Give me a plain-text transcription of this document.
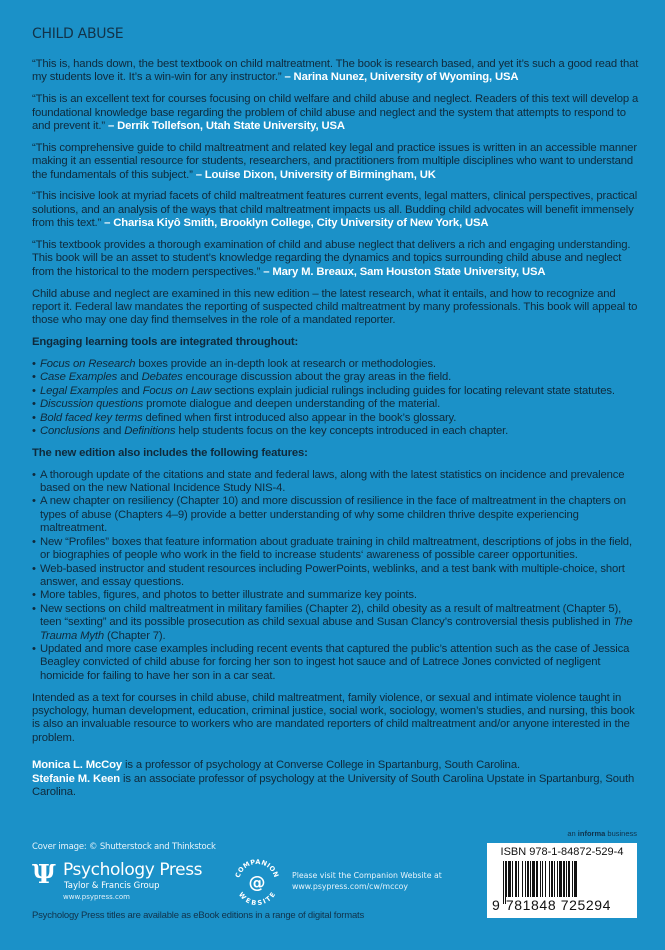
CHILD ABUSE

“This is, hands down, the best textbook on child maltreatment. The book is research based, and yet it’s such a good read that my students love it. It’s a win-win for any instructor.” – Narina Nunez, University of Wyoming, USA

“This is an excellent text for courses focusing on child welfare and child abuse and neglect. Readers of this text will develop a foundational knowledge base regarding the problem of child abuse and neglect and the system that attempts to respond to and prevent it.” – Derrik Tollefson, Utah State University, USA

“This comprehensive guide to child maltreatment and related key legal and practice issues is written in an accessible manner making it an essential resource for students, researchers, and practitioners from multiple disciplines who want to understand the fundamentals of this subject.” – Louise Dixon, University of Birmingham, UK

“This incisive look at myriad facets of child maltreatment features current events, legal matters, clinical perspectives, practical solutions, and an analysis of the ways that child maltreatment impacts us all. Budding child advocates will benefit immensely from this text.” – Charisa Kiyô Smith, Brooklyn College, City University of New York, USA

“This textbook provides a thorough examination of child and abuse neglect that delivers a rich and engaging understanding. This book will be an asset to student’s knowledge regarding the dynamics and topics surrounding child abuse and neglect from the historical to the modern perspectives.” – Mary M. Breaux, Sam Houston State University, USA

Child abuse and neglect are examined in this new edition – the latest research, what it entails, and how to recognize and report it. Federal law mandates the reporting of suspected child maltreatment by many professionals. This book will appeal to those who may one day find themselves in the role of a mandated reporter.

Engaging learning tools are integrated throughout:

• Focus on Research boxes provide an in-depth look at research or methodologies.
• Case Examples and Debates encourage discussion about the gray areas in the field.
• Legal Examples and Focus on Law sections explain judicial rulings including guides for locating relevant state statutes.
• Discussion questions promote dialogue and deepen understanding of the material.
• Bold faced key terms defined when first introduced also appear in the book’s glossary.
• Conclusions and Definitions help students focus on the key concepts introduced in each chapter.

The new edition also includes the following features:

• A thorough update of the citations and state and federal laws, along with the latest statistics on incidence and prevalence based on the new National Incidence Study NIS-4.
• A new chapter on resiliency (Chapter 10) and more discussion of resilience in the face of maltreatment in the chapters on types of abuse (Chapters 4–9) provide a better understanding of why some children thrive despite experiencing maltreatment.
• New “Profiles” boxes that feature information about graduate training in child maltreatment, descriptions of jobs in the field, or biographies of people who work in the field to increase students‘ awareness of possible career opportunities.
• Web-based instructor and student resources including PowerPoints, weblinks, and a test bank with multiple-choice, short answer, and essay questions.
• More tables, figures, and photos to better illustrate and summarize key points.
• New sections on child maltreatment in military families (Chapter 2), child obesity as a result of maltreatment (Chapter 5), teen “sexting” and its possible prosecution as child sexual abuse and Susan Clancy’s controversial thesis published in The Trauma Myth (Chapter 7).
• Updated and more case examples including recent events that captured the public’s attention such as the case of Jessica Beagley convicted of child abuse for forcing her son to ingest hot sauce and of Latrece Jones convicted of negligent homicide for failing to have her son in a car seat.

Intended as a text for courses in child abuse, child maltreatment, family violence, or sexual and intimate violence taught in psychology, human development, education, criminal justice, social work, sociology, women’s studies, and nursing, this book is also an invaluable resource to workers who are mandated reporters of child maltreatment and/or anyone interested in the problem.

Monica L. McCoy is a professor of psychology at Converse College in Spartanburg, South Carolina.
Stefanie M. Keen is an associate professor of psychology at the University of South Carolina Upstate in Spartanburg, South Carolina.
Cover image: © Shutterstock and Thinkstock
Ψ Psychology Press
Taylor & Francis Group
www.psypress.com
COMPANION
WEBSITE
@	Please visit the Companion Website at
www.psypress.com/cw/mccoy
Psychology Press titles are available as eBook editions in a range of digital formats
an informa business
ISBN 978-1-84872-529-4
9 781848 725294
